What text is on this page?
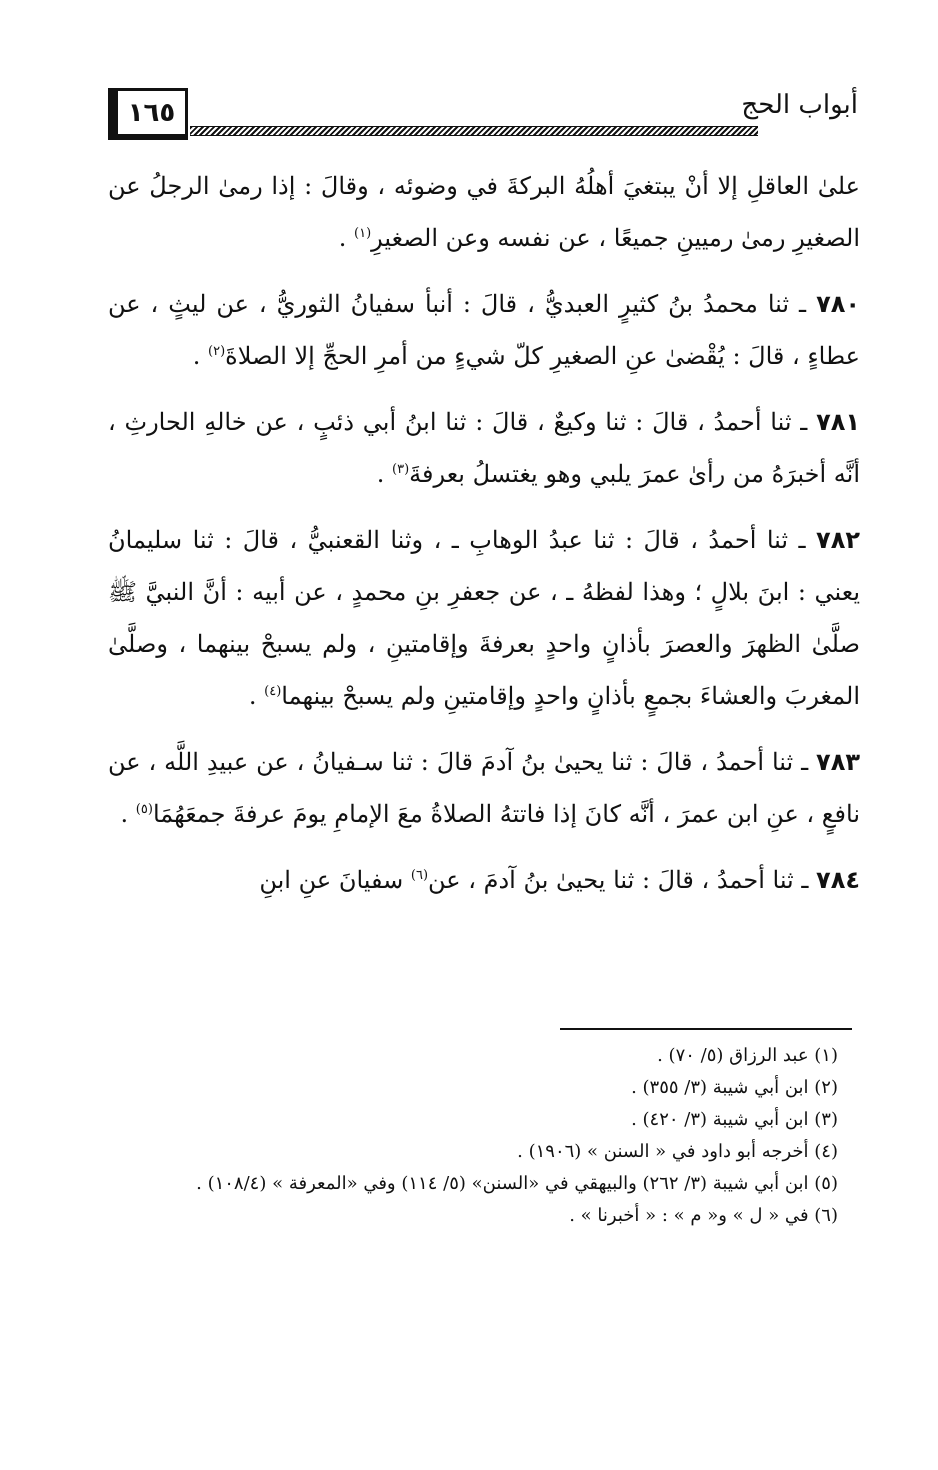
١٦٥	أبواب الحج

علىٰ العاقلِ إلا أنْ يبتغيَ أهلُهُ البركةَ في وضوئه ، وقالَ : إذا رمىٰ الرجلُ عن الصغيرِ رمىٰ رميينِ جميعًا ، عن نفسه وعن الصغيرِ$^{(١)}$ .

٧٨٠ ـ ثنا محمدُ بنُ كثيرٍ العبديُّ ، قالَ : أنبأ سفيانُ الثوريُّ ، عن ليثٍ ، عن عطاءٍ ، قالَ : يُقْضىٰ عنِ الصغيرِ كلّ شيءٍ من أمرِ الحجِّ إلا الصلاةَ$^{(٢)}$ .

٧٨١ ـ ثنا أحمدُ ، قالَ : ثنا وكيعٌ ، قالَ : ثنا ابنُ أبي ذئبٍ ، عن خالهِ الحارثِ ، أنَّه أخبرَهُ من رأىٰ عمرَ يلبي وهو يغتسلُ بعرفةَ$^{(٣)}$ .

٧٨٢ ـ ثنا أحمدُ ، قالَ : ثنا عبدُ الوهابِ ـ ، وثنا القعنبيُّ ، قالَ : ثنا سليمانُ يعني : ابنَ بلالٍ ؛ وهذا لفظهُ ـ ، عن جعفرِ بنِ محمدٍ ، عن أبيه : أنَّ النبيَّ ﷺ صلَّىٰ الظهرَ والعصرَ بأذانٍ واحدٍ بعرفةَ وإقامتينِ ، ولم يسبحْ بينهما ، وصلَّىٰ المغربَ والعشاءَ بجمعٍ بأذانٍ واحدٍ وإقامتينِ ولم يسبحْ بينهما$^{(٤)}$ .

٧٨٣ ـ ثنا أحمدُ ، قالَ : ثنا يحيىٰ بنُ آدمَ قالَ : ثنا سـفيانُ ، عن عبيدِ اللَّه ، عن نافعٍ ، عنِ ابن عمرَ ، أنَّه كانَ إذا فاتتهُ الصلاةُ معَ الإمامِ يومَ عرفةَ جمعَهُمَا$^{(٥)}$ .

٧٨٤ ـ ثنا أحمدُ ، قالَ : ثنا يحيىٰ بنُ آدمَ ، عن$^{(٦)}$ سفيانَ عنِ ابنِ

(١) عبد الرزاق (٥/ ٧٠) .
(٢) ابن أبي شيبة (٣/ ٣٥٥) .
(٣) ابن أبي شيبة (٣/ ٤٢٠) .
(٤) أخرجه أبو داود في « السنن » (١٩٠٦) .
(٥) ابن أبي شيبة (٣/ ٢٦٢) والبيهقي في «السنن» (٥/ ١١٤) وفي «المعرفة » (١٠٨/٤) .
(٦) في « ل » و« م » : « أخبرنا » .
